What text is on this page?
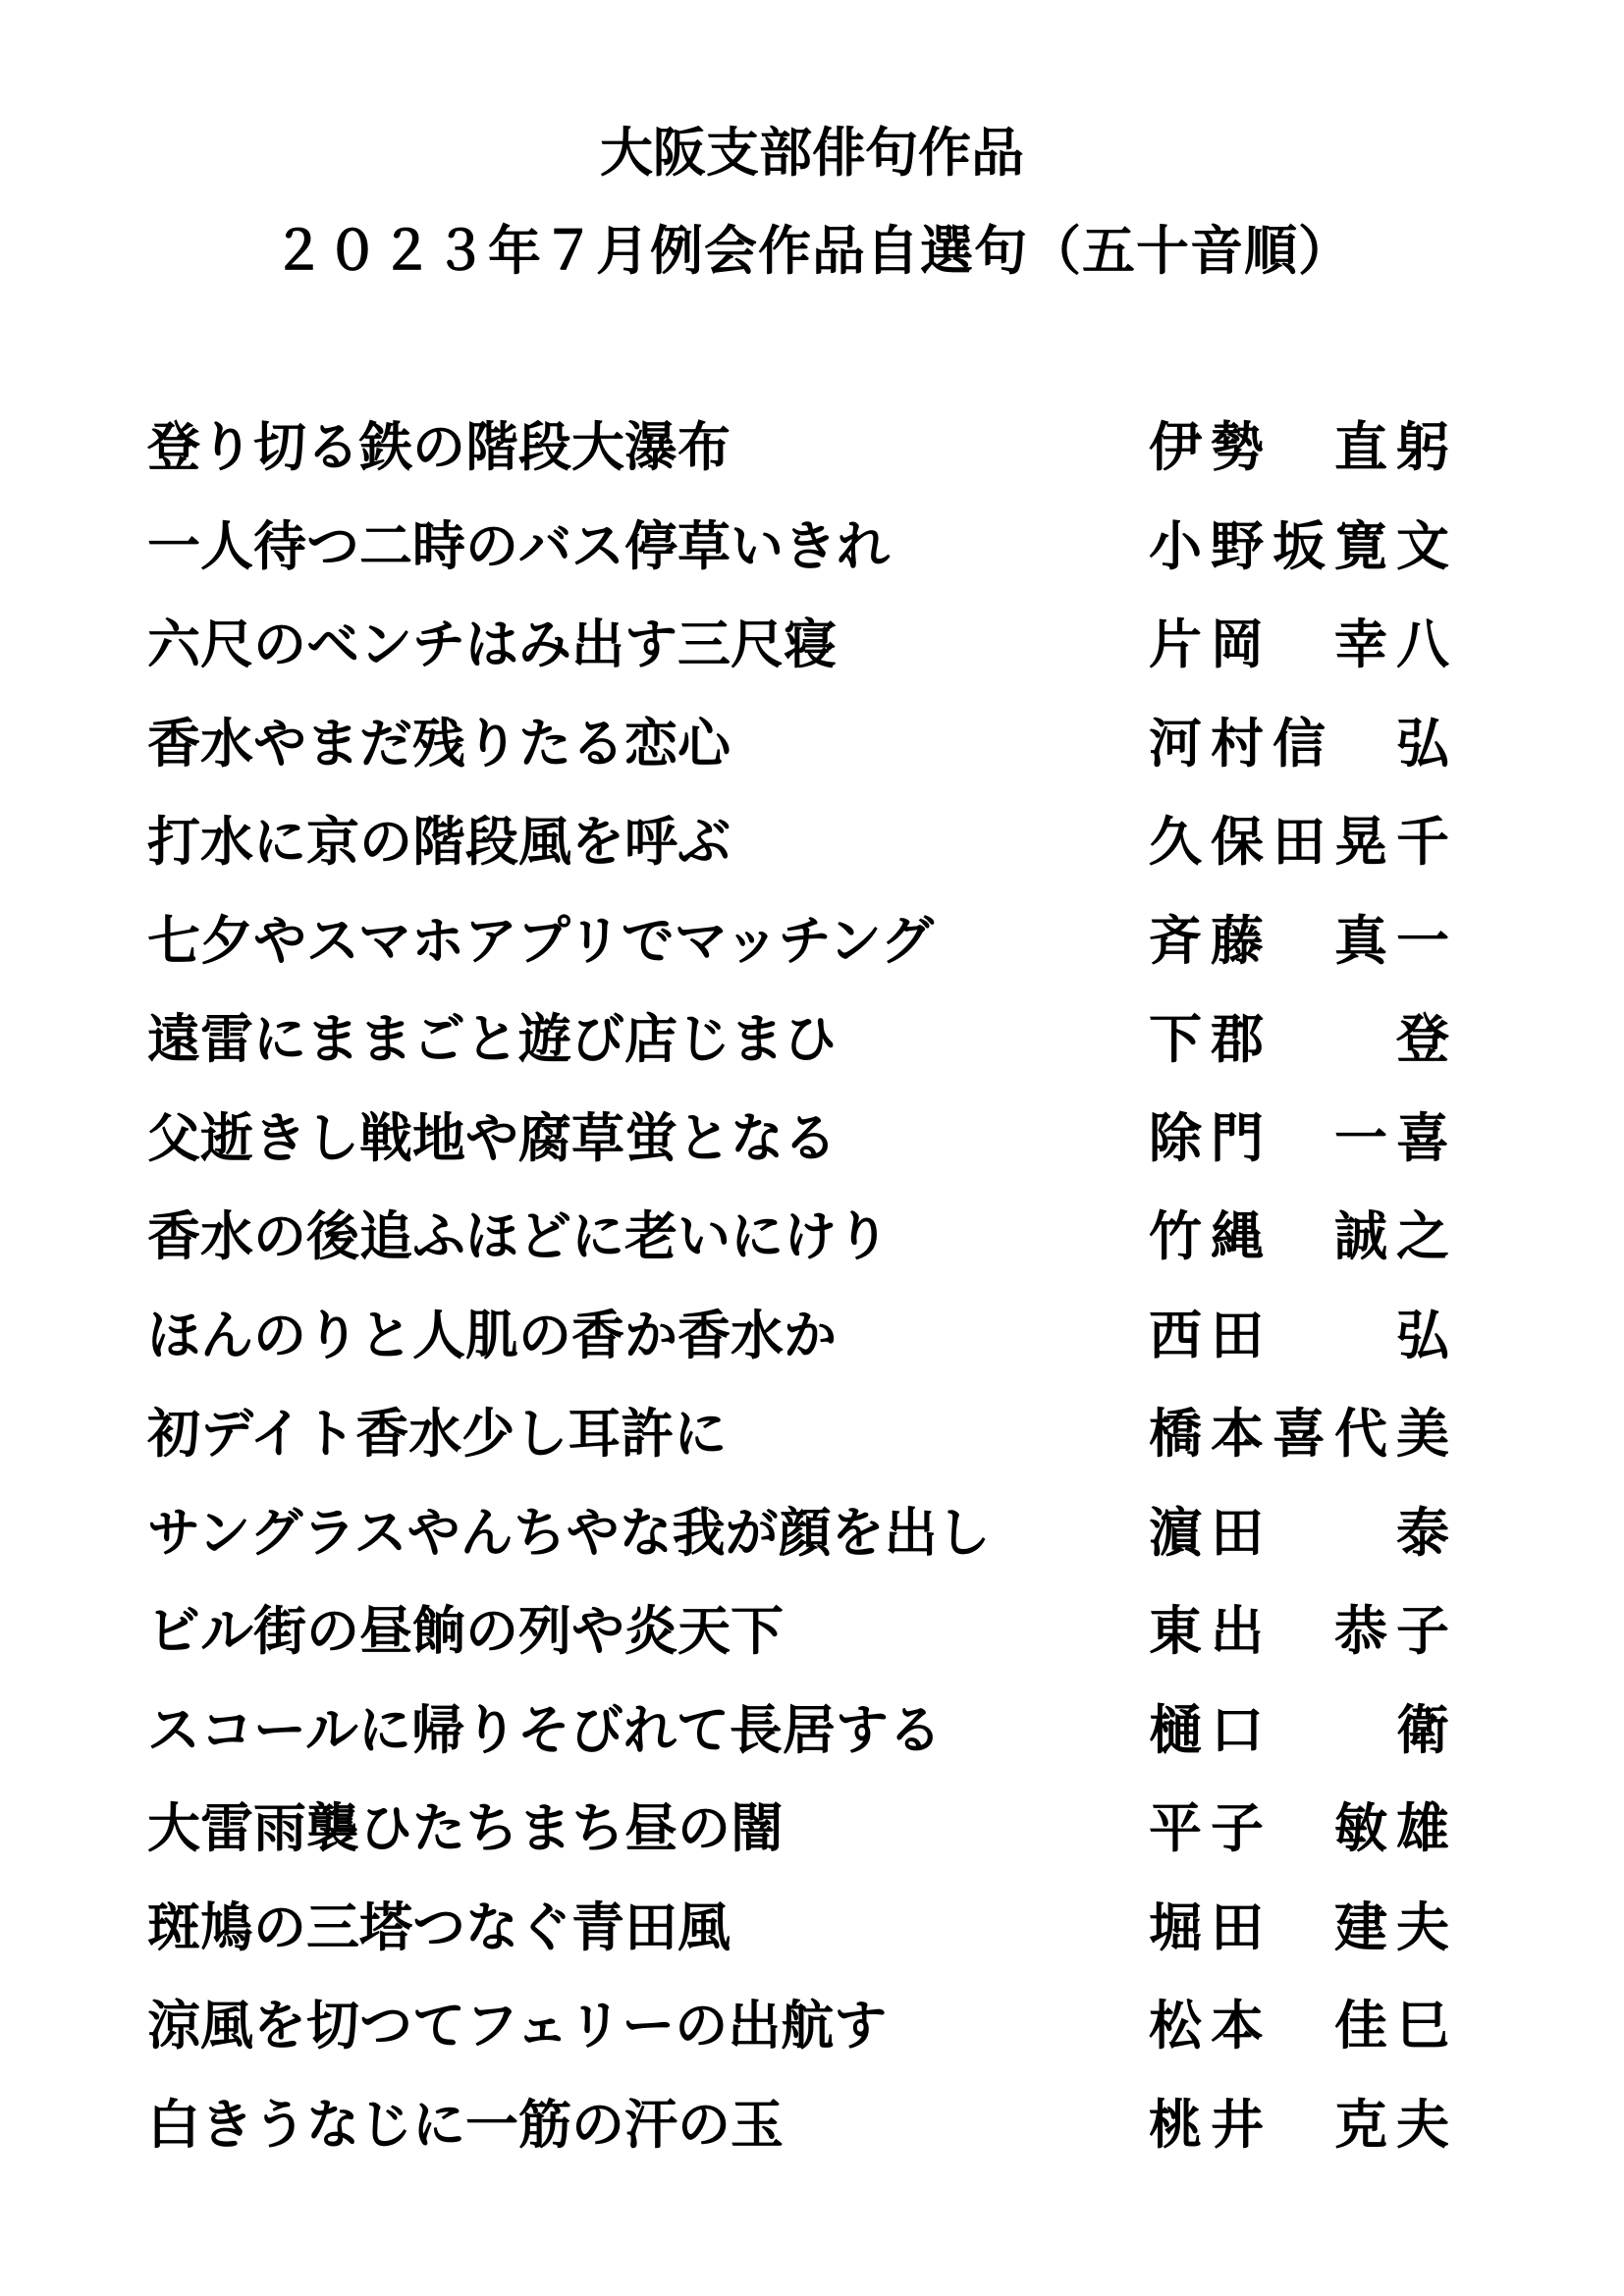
大阪支部俳句作品
２０２３年７月例会作品自選句（五十音順）
登り切る鉄の階段大瀑布	伊勢　直躬
一人待つ二時のバス停草いきれ	小野坂寛文
六尺のベンチはみ出す三尺寝	片岡　幸八
香水やまだ残りたる恋心	河村信　弘
打水に京の階段風を呼ぶ	久保田晃千
七夕やスマホアプリでマッチング	斉藤　真一
遠雷にままごと遊び店じまひ	下郡　　登
父逝きし戦地や腐草蛍となる	除門　一喜
香水の後追ふほどに老いにけり	竹縄　誠之
ほんのりと人肌の香か香水か	西田　　弘
初デイト香水少し耳許に	橋本喜代美
サングラスやんちやな我が顔を出し	濵田　　泰
ビル街の昼餉の列や炎天下	東出　恭子
スコールに帰りそびれて長居する	樋口　　衛
大雷雨襲ひたちまち昼の闇	平子　敏雄
斑鳩の三塔つなぐ青田風	堀田　建夫
涼風を切つてフェリーの出航す	松本　佳巳
白きうなじに一筋の汗の玉	桃井　克夫
